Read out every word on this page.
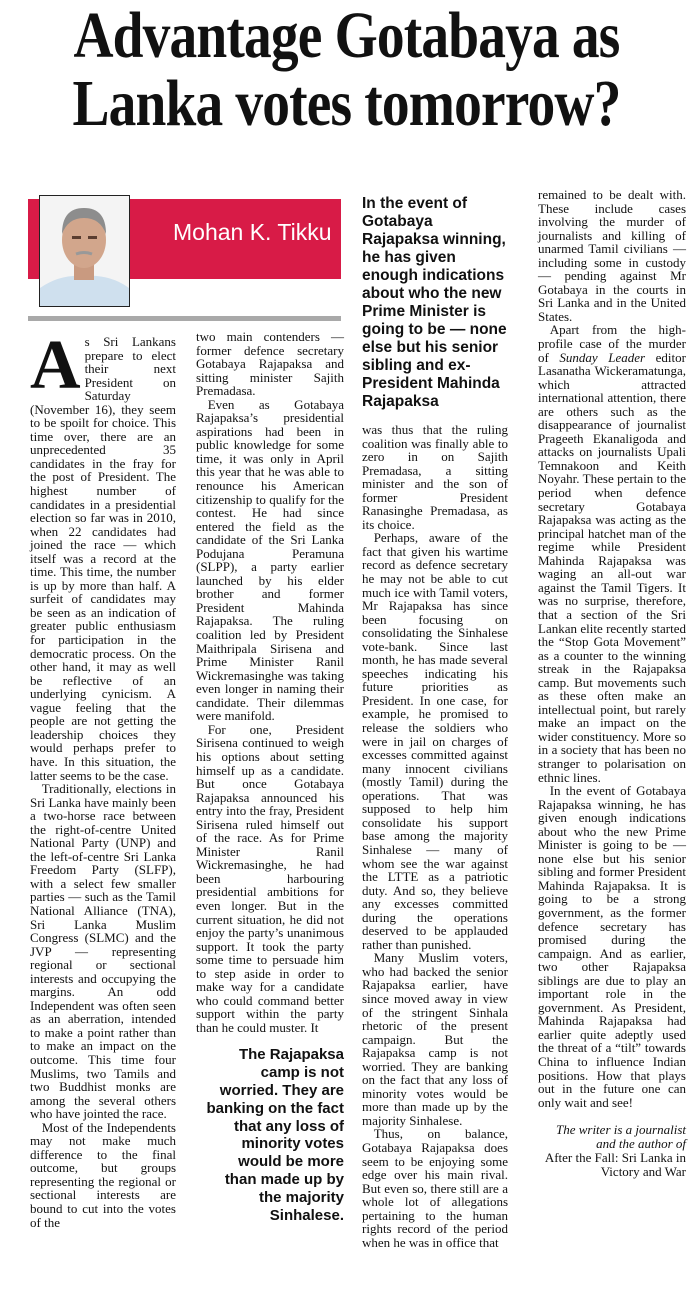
Advantage Gotabaya as
Lanka votes tomorrow?
Mohan K. Tikku

As Sri Lankans prepare to elect their next President on Saturday (November 16), they seem to be spoilt for choice. This time over, there are an unprecedented 35 candidates in the fray for the post of President. The highest number of candidates in a presidential election so far was in 2010, when 22 candidates had joined the race — which itself was a record at the time. This time, the number is up by more than half. A surfeit of candidates may be seen as an indication of greater public enthusiasm for participation in the democratic process. On the other hand, it may as well be reflective of an underlying cynicism. A vague feeling that the people are not getting the leadership choices they would perhaps prefer to have. In this situation, the latter seems to be the case.

Traditionally, elections in Sri Lanka have mainly been a two-horse race between the right-of-centre United National Party (UNP) and the left-of-centre Sri Lanka Freedom Party (SLFP), with a select few smaller parties — such as the Tamil National Alliance (TNA), Sri Lanka Muslim Congress (SLMC) and the JVP — representing regional or sectional interests and occupying the margins. An odd Independent was often seen as an aberration, intended to make a point rather than to make an impact on the outcome. This time four Muslims, two Tamils and two Buddhist monks are among the several others who have jointed the race.

Most of the Independents may not make much difference to the final outcome, but groups representing the regional or sectional interests are bound to cut into the votes of the

two main contenders — former defence secretary Gotabaya Rajapaksa and sitting minister Sajith Premadasa.

Even as Gotabaya Rajapaksa’s presidential aspirations had been in public knowledge for some time, it was only in April this year that he was able to renounce his American citizenship to qualify for the contest. He had since entered the field as the candidate of the Sri Lanka Podujana Peramuna (SLPP), a party earlier launched by his elder brother and former President Mahinda Rajapaksa. The ruling coalition led by President Maithripala Sirisena and Prime Minister Ranil Wickremasinghe was taking even longer in naming their candidate. Their dilemmas were manifold.

For one, President Sirisena continued to weigh his options about setting himself up as a candidate. But once Gotabaya Rajapaksa announced his entry into the fray, President Sirisena ruled himself out of the race. As for Prime Minister Ranil Wickremasinghe, he had been harbouring presidential ambitions for even longer. But in the current situation, he did not enjoy the party’s unanimous support. It took the party some time to persuade him to step aside in order to make way for a candidate who could command better support within the party than he could muster. It

The Rajapaksa camp is not worried. They are banking on the fact that any loss of minority votes would be more than made up by the majority Sinhalese.
In the event of Gotabaya Rajapaksa winning, he has given enough indications about who the new Prime Minister is going to be — none else but his senior sibling and ex-President Mahinda Rajapaksa

was thus that the ruling coalition was finally able to zero in on Sajith Premadasa, a sitting minister and the son of former President Ranasinghe Premadasa, as its choice.

Perhaps, aware of the fact that given his wartime record as defence secretary he may not be able to cut much ice with Tamil voters, Mr Rajapaksa has since been focusing on consolidating the Sinhalese vote-bank. Since last month, he has made several speeches indicating his future priorities as President. In one case, for example, he promised to release the soldiers who were in jail on charges of excesses committed against many innocent civilians (mostly Tamil) during the operations. That was supposed to help him consolidate his support base among the majority Sinhalese — many of whom see the war against the LTTE as a patriotic duty. And so, they believe any excesses committed during the operations deserved to be applauded rather than punished.

Many Muslim voters, who had backed the senior Rajapaksa earlier, have since moved away in view of the stringent Sinhala rhetoric of the present campaign. But the Rajapaksa camp is not worried. They are banking on the fact that any loss of minority votes would be more than made up by the majority Sinhalese.

Thus, on balance, Gotabaya Rajapaksa does seem to be enjoying some edge over his main rival. But even so, there still are a whole lot of allegations pertaining to the human rights record of the period when he was in office that

remained to be dealt with. These include cases involving the murder of journalists and killing of unarmed Tamil civilians — including some in custody — pending against Mr Gotabaya in the courts in Sri Lanka and in the United States.

Apart from the high-profile case of the murder of Sunday Leader editor Lasanatha Wickeramatunga, which attracted international attention, there are others such as the disappearance of journalist Prageeth Ekanaligoda and attacks on journalists Upali Temnakoon and Keith Noyahr. These pertain to the period when defence secretary Gotabaya Rajapaksa was acting as the principal hatchet man of the regime while President Mahinda Rajapaksa was waging an all-out war against the Tamil Tigers. It was no surprise, therefore, that a section of the Sri Lankan elite recently started the “Stop Gota Movement” as a counter to the winning streak in the Rajapaksa camp. But movements such as these often make an intellectual point, but rarely make an impact on the wider constituency. More so in a society that has been no stranger to polarisation on ethnic lines.

In the event of Gotabaya Rajapaksa winning, he has given enough indications about who the new Prime Minister is going to be — none else but his senior sibling and former President Mahinda Rajapaksa. It is going to be a strong government, as the former defence secretary has promised during the campaign. And as earlier, two other Rajapaksa siblings are due to play an important role in the government. As President, Mahinda Rajapaksa had earlier quite adeptly used the threat of a “tilt” towards China to influence Indian positions. How that plays out in the future one can only wait and see!

The writer is a journalist and the author of
After the Fall: Sri Lanka in Victory and War
